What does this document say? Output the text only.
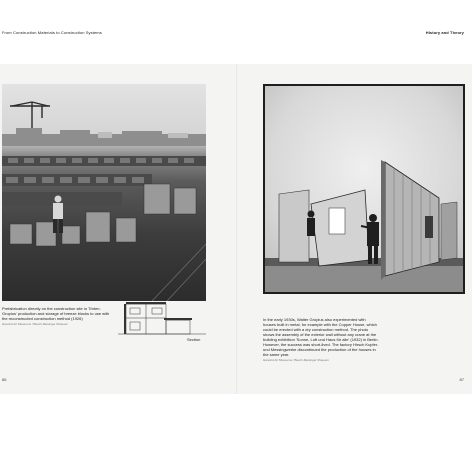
From Construction Materials to Construction Systems	History and Theory
Prefabrication directly on the construction site in Törten: Gropius' production and storage of breeze blocks to use with the reconstructed construction method (1926)
Harvard Art Museums / Busch-Reisinger Museum
Section
In the early 1930s, Walter Gropius also experimented with houses built in metal, for example with the Copper House, which could be erected with a dry construction method. The photo shows the assembly of the exterior wall without any crane at the building exhibition 'Sonne, Luft und Haus für alle' (1932) in Berlin. However, the success was short-lived. The factory Hirsch Kupfer- und Messingwerke discontinued the production of the houses in the same year.
Harvard Art Museums / Busch-Reisinger Museum
86	87
